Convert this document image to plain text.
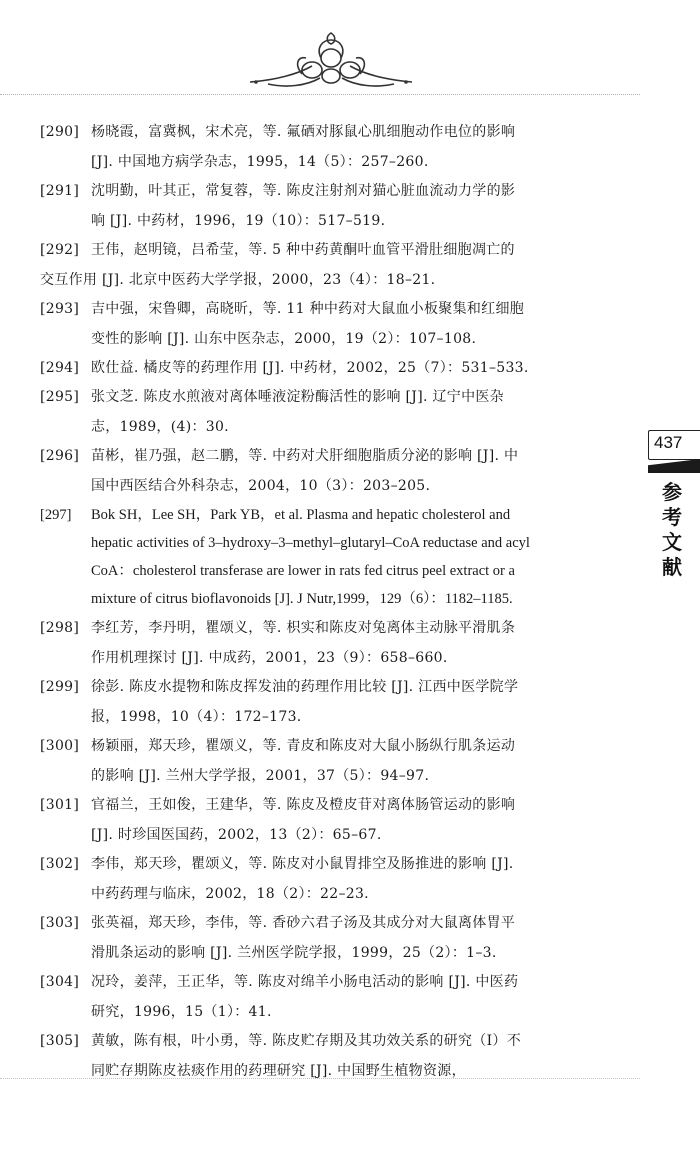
[290] 杨晓霞，富冀枫，宋术亮，等. 氟硒对豚鼠心肌细胞动作电位的影响
[J]. 中国地方病学杂志，1995，14（5）：257–260.
[291] 沈明勤，叶其正，常复蓉，等. 陈皮注射剂对猫心脏血流动力学的影
响 [J]. 中药材，1996，19（10）：517–519.
[292] 王伟，赵明镜，吕希莹，等. 5 种中药黄酮叶血管平滑肚细胞凋亡的
交互作用 [J]. 北京中医药大学学报，2000，23（4）：18–21.
[293] 吉中强，宋鲁卿，高晓昕，等. 11 种中药对大鼠血小板聚集和红细胞
变性的影响 [J]. 山东中医杂志，2000，19（2）：107–108.
[294] 欧仕益. 橘皮等的药理作用 [J]. 中药材，2002，25（7）：531–533.
[295] 张文芝. 陈皮水煎液对离体唾液淀粉酶活性的影响 [J]. 辽宁中医杂
志，1989，(4)：30.
[296] 苗彬，崔乃强，赵二鹏，等. 中药对犬肝细胞脂质分泌的影响 [J]. 中
国中西医结合外科杂志，2004，10（3）：203–205.
[297] Bok SH，Lee SH，Park YB，et al. Plasma and hepatic cholesterol and
hepatic activities of 3–hydroxy–3–methyl–glutaryl–CoA reductase and acyl
CoA：cholesterol transferase are lower in rats fed citrus peel extract or a
mixture of citrus bioflavonoids [J]. J Nutr,1999，129（6）：1182–1185.
[298] 李红芳，李丹明，瞿颂义，等. 枳实和陈皮对兔离体主动脉平滑肌条
作用机理探讨 [J]. 中成药，2001，23（9）：658–660.
[299] 徐彭. 陈皮水提物和陈皮挥发油的药理作用比较 [J]. 江西中医学院学
报，1998，10（4）：172–173.
[300] 杨颖丽，郑天珍，瞿颂义，等. 青皮和陈皮对大鼠小肠纵行肌条运动
的影响 [J]. 兰州大学学报，2001，37（5）：94–97.
[301] 官福兰，王如俊，王建华，等. 陈皮及橙皮苷对离体肠管运动的影响
[J]. 时珍国医国药，2002，13（2）：65–67.
[302] 李伟，郑天珍，瞿颂义，等. 陈皮对小鼠胃排空及肠推进的影响 [J].
中药药理与临床，2002，18（2）：22–23.
[303] 张英福，郑天珍，李伟，等. 香砂六君子汤及其成分对大鼠离体胃平
滑肌条运动的影响 [J]. 兰州医学院学报，1999，25（2）：1–3.
[304] 况玲，姜萍，王正华，等. 陈皮对绵羊小肠电活动的影响 [J]. 中医药
研究，1996，15（1）：41.
[305] 黄敏，陈有根，叶小勇，等. 陈皮贮存期及其功效关系的研究（I）不
同贮存期陈皮祛痰作用的药理研究 [J]. 中国野生植物资源，
437
参
考
文
献
